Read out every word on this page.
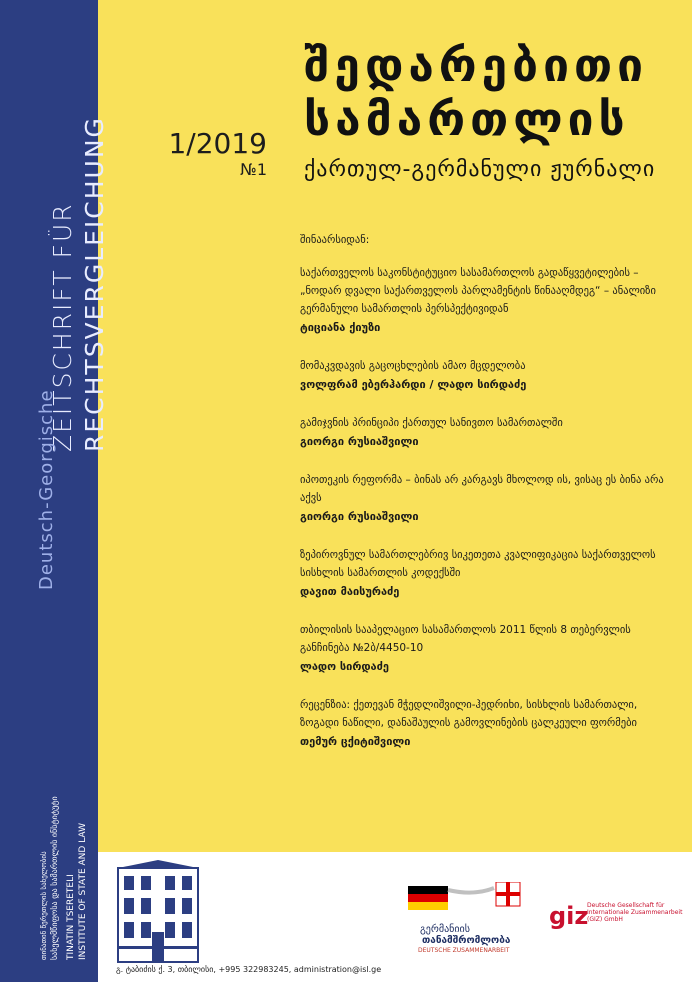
ZEITSCHRIFT FÜR RECHTSVERGLEICHUNG
Deutsch-Georgische
თინათინ წერეთლის სახელობის სახელმწიფოსა და სამართლის ინსტიტუტი TINATIN TSERETELI INSTITUTE OF STATE AND LAW
1/2019
№1
შედარებითი
სამართლის
ქართულ-გერმანული ჟურნალი
შინაარსიდან:
საქართველოს საკონსტიტუციო სასამართლოს გადაწყვეტილების – „ნოდარ დვალი საქართველოს პარლამენტის წინააღმდეგ“ – ანალიზი გერმანული სამართლის პერსპექტივიდან
ტიციანა ქიუზი
მომაკვდავის გაცოცხლების ამაო მცდელობა
ვოლფრამ ებერჰარდი / ლადო სირდაძე
გამიჯვნის პრინციპი ქართულ სანივთო სამართალში
გიორგი რუსიაშვილი
იპოთეკის რეფორმა – ბინას არ კარგავს მხოლოდ ის, ვისაც ეს ბინა არა აქვს
გიორგი რუსიაშვილი
ზეპიროვნულ სამართლებრივ სიკეთეთა კვალიფიკაცია საქართველოს სისხლის სამართლის კოდექსში
დავით მაისურაძე
თბილისის სააპელაციო სასამართლოს 2011 წლის 8 თებერვლის განჩინება №2ბ/4450-10
ლადო სირდაძე
რეცენზია: ქეთევან მჭედლიშვილი-ჰედრიხი, სისხლის სამართალი, ზოგადი ნაწილი, დანაშაულის გამოვლინების ცალკეული ფორმები
თემურ ცქიტიშვილი
გ. ტაბიძის ქ. 3, თბილისი, +995 322983245, administration@isl.ge
გერმანიის
თანამშრომლობა
DEUTSCHE ZUSAMMENARBEIT
giz
Deutsche Gesellschaft für Internationale Zusammenarbeit (GIZ) GmbH
